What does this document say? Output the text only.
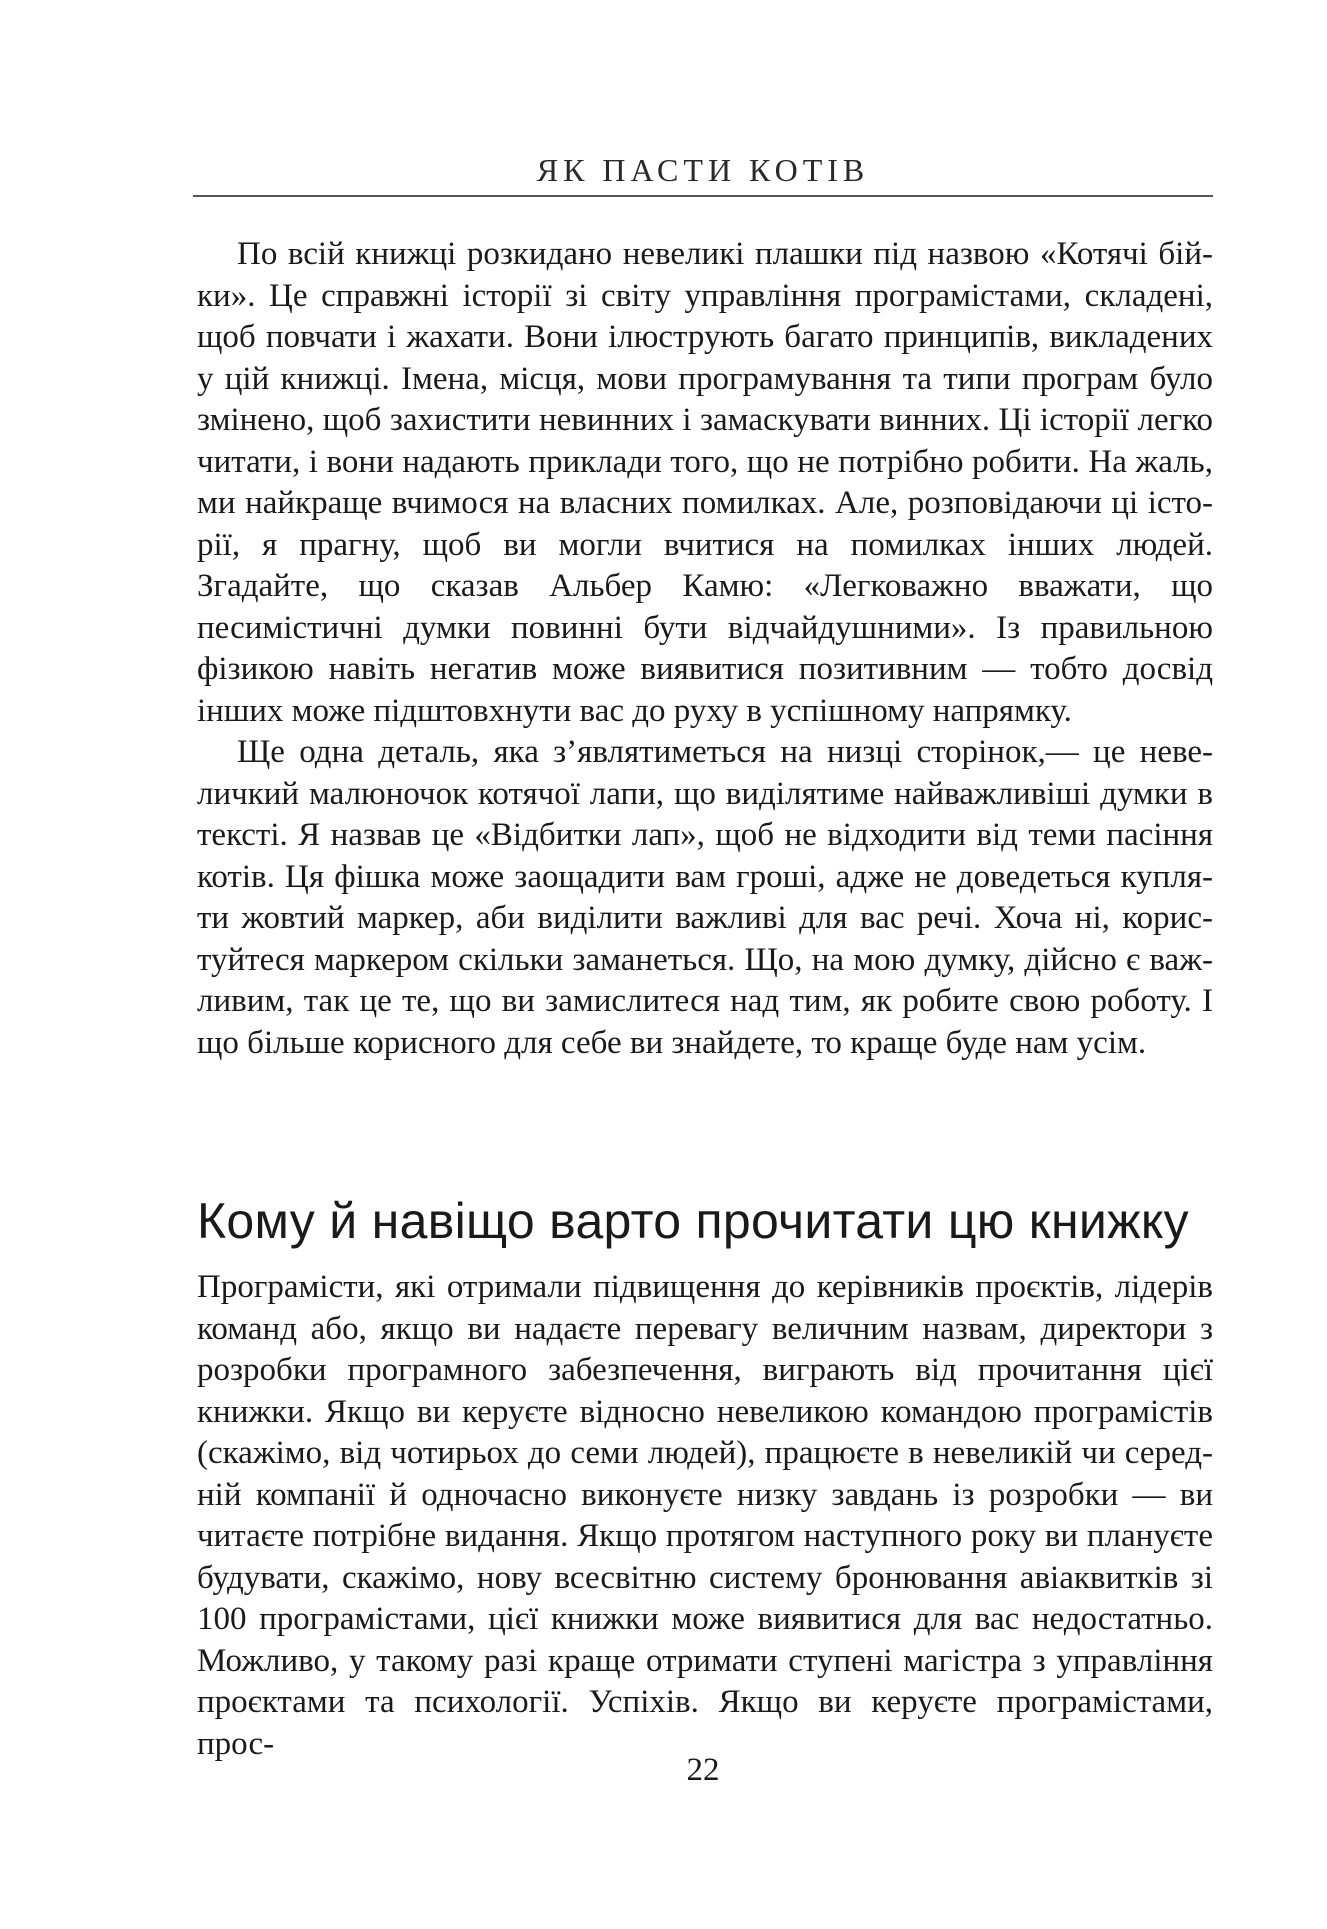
ЯК ПАСТИ КОТІВ

По всій книжці розкидано невеликі плашки під назвою «Котячі бійки». Це справжні історії зі світу управління програмістами, складені, щоб повчати і жахати. Вони ілюструють багато принципів, викладених у цій книжці. Імена, місця, мови програмування та типи програм було змінено, щоб захистити невинних і замаскувати винних. Ці історії легко читати, і вони надають приклади того, що не потрібно робити. На жаль, ми найкраще вчимося на власних помилках. Але, розповідаючи ці історії, я прагну, щоб ви могли вчитися на помилках інших людей. Згадайте, що сказав Альбер Камю: «Легковажно вважати, що песимістичні думки повинні бути відчайдушними». Із правильною фізикою навіть негатив може виявитися позитивним — тобто досвід інших може підштовхнути вас до руху в успішному напрямку.

Ще одна деталь, яка з’являтиметься на низці сторінок,— це невеличкий малюночок котячої лапи, що виділятиме найважливіші думки в тексті. Я назвав це «Відбитки лап», щоб не відходити від теми пасіння котів. Ця фішка може заощадити вам гроші, адже не доведеться купляти жовтий маркер, аби виділити важливі для вас речі. Хоча ні, користуйтеся маркером скільки заманеться. Що, на мою думку, дійсно є важливим, так це те, що ви замислитеся над тим, як робите свою роботу. І що більше корисного для себе ви знайдете, то краще буде нам усім.

Кому й навіщо варто прочитати цю книжку

Програмісти, які отримали підвищення до керівників проєктів, лідерів команд або, якщо ви надаєте перевагу величним назвам, директори з розробки програмного забезпечення, виграють від прочитання цієї книжки. Якщо ви керуєте відносно невеликою командою програмістів (скажімо, від чотирьох до семи людей), працюєте в невеликій чи середній компанії й одночасно виконуєте низку завдань із розробки — ви читаєте потрібне видання. Якщо протягом наступного року ви плануєте будувати, скажімо, нову всесвітню систему бронювання авіаквитків зі 100 програмістами, цієї книжки може виявитися для вас недостатньо. Можливо, у такому разі краще отримати ступені магістра з управління проєктами та психології. Успіхів. Якщо ви керуєте програмістами, прос-

22
